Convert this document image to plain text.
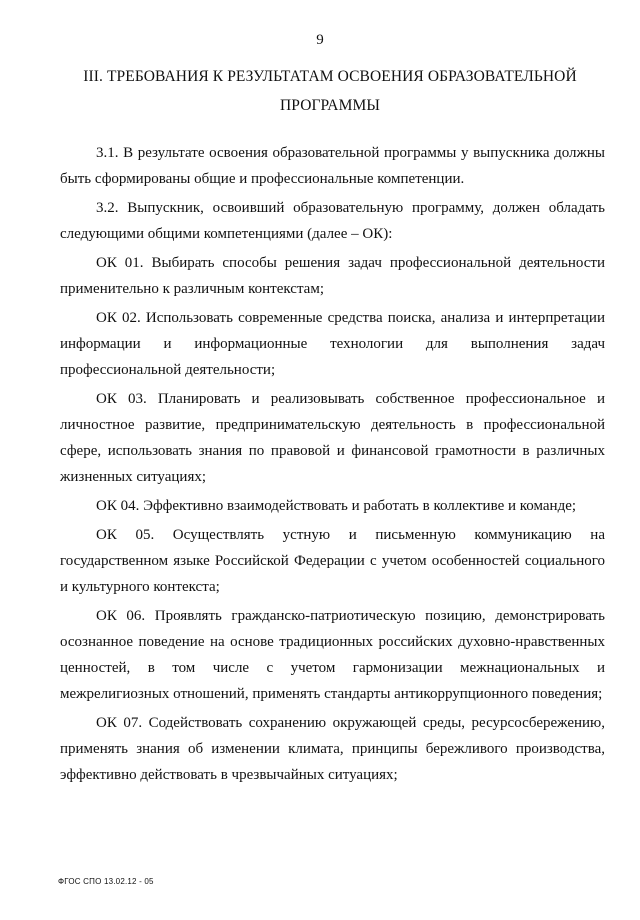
9
III. ТРЕБОВАНИЯ К РЕЗУЛЬТАТАМ ОСВОЕНИЯ ОБРАЗОВАТЕЛЬНОЙ ПРОГРАММЫ

3.1. В результате освоения образовательной программы у выпускника должны быть сформированы общие и профессиональные компетенции.

3.2. Выпускник, освоивший образовательную программу, должен обладать следующими общими компетенциями (далее – ОК):

ОК 01. Выбирать способы решения задач профессиональной деятельности применительно к различным контекстам;

ОК 02. Использовать современные средства поиска, анализа и интерпретации информации и информационные технологии для выполнения задач профессиональной деятельности;

ОК 03. Планировать и реализовывать собственное профессиональное и личностное развитие, предпринимательскую деятельность в профессиональной сфере, использовать знания по правовой и финансовой грамотности в различных жизненных ситуациях;

ОК 04. Эффективно взаимодействовать и работать в коллективе и команде;

ОК 05. Осуществлять устную и письменную коммуникацию на государственном языке Российской Федерации с учетом особенностей социального и культурного контекста;

ОК 06. Проявлять гражданско-патриотическую позицию, демонстрировать осознанное поведение на основе традиционных российских духовно-нравственных ценностей, в том числе с учетом гармонизации межнациональных и межрелигиозных отношений, применять стандарты антикоррупционного поведения;

ОК 07. Содействовать сохранению окружающей среды, ресурсосбережению, применять знания об изменении климата, принципы бережливого производства, эффективно действовать в чрезвычайных ситуациях;

ФГОС СПО 13.02.12 - 05
